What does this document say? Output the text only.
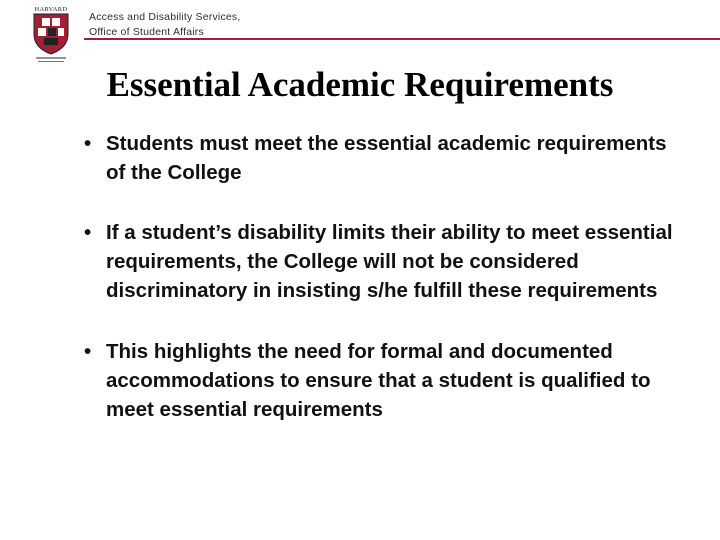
HARVARD
Access and Disability Services,
Office of Student Affairs
Essential Academic Requirements
• Students must meet the essential academic requirements of the College
• If a student’s disability limits their ability to meet essential requirements, the College will not be considered discriminatory in insisting s/he fulfill these requirements
• This highlights the need for formal and documented accommodations to ensure that a student is qualified to meet essential requirements
